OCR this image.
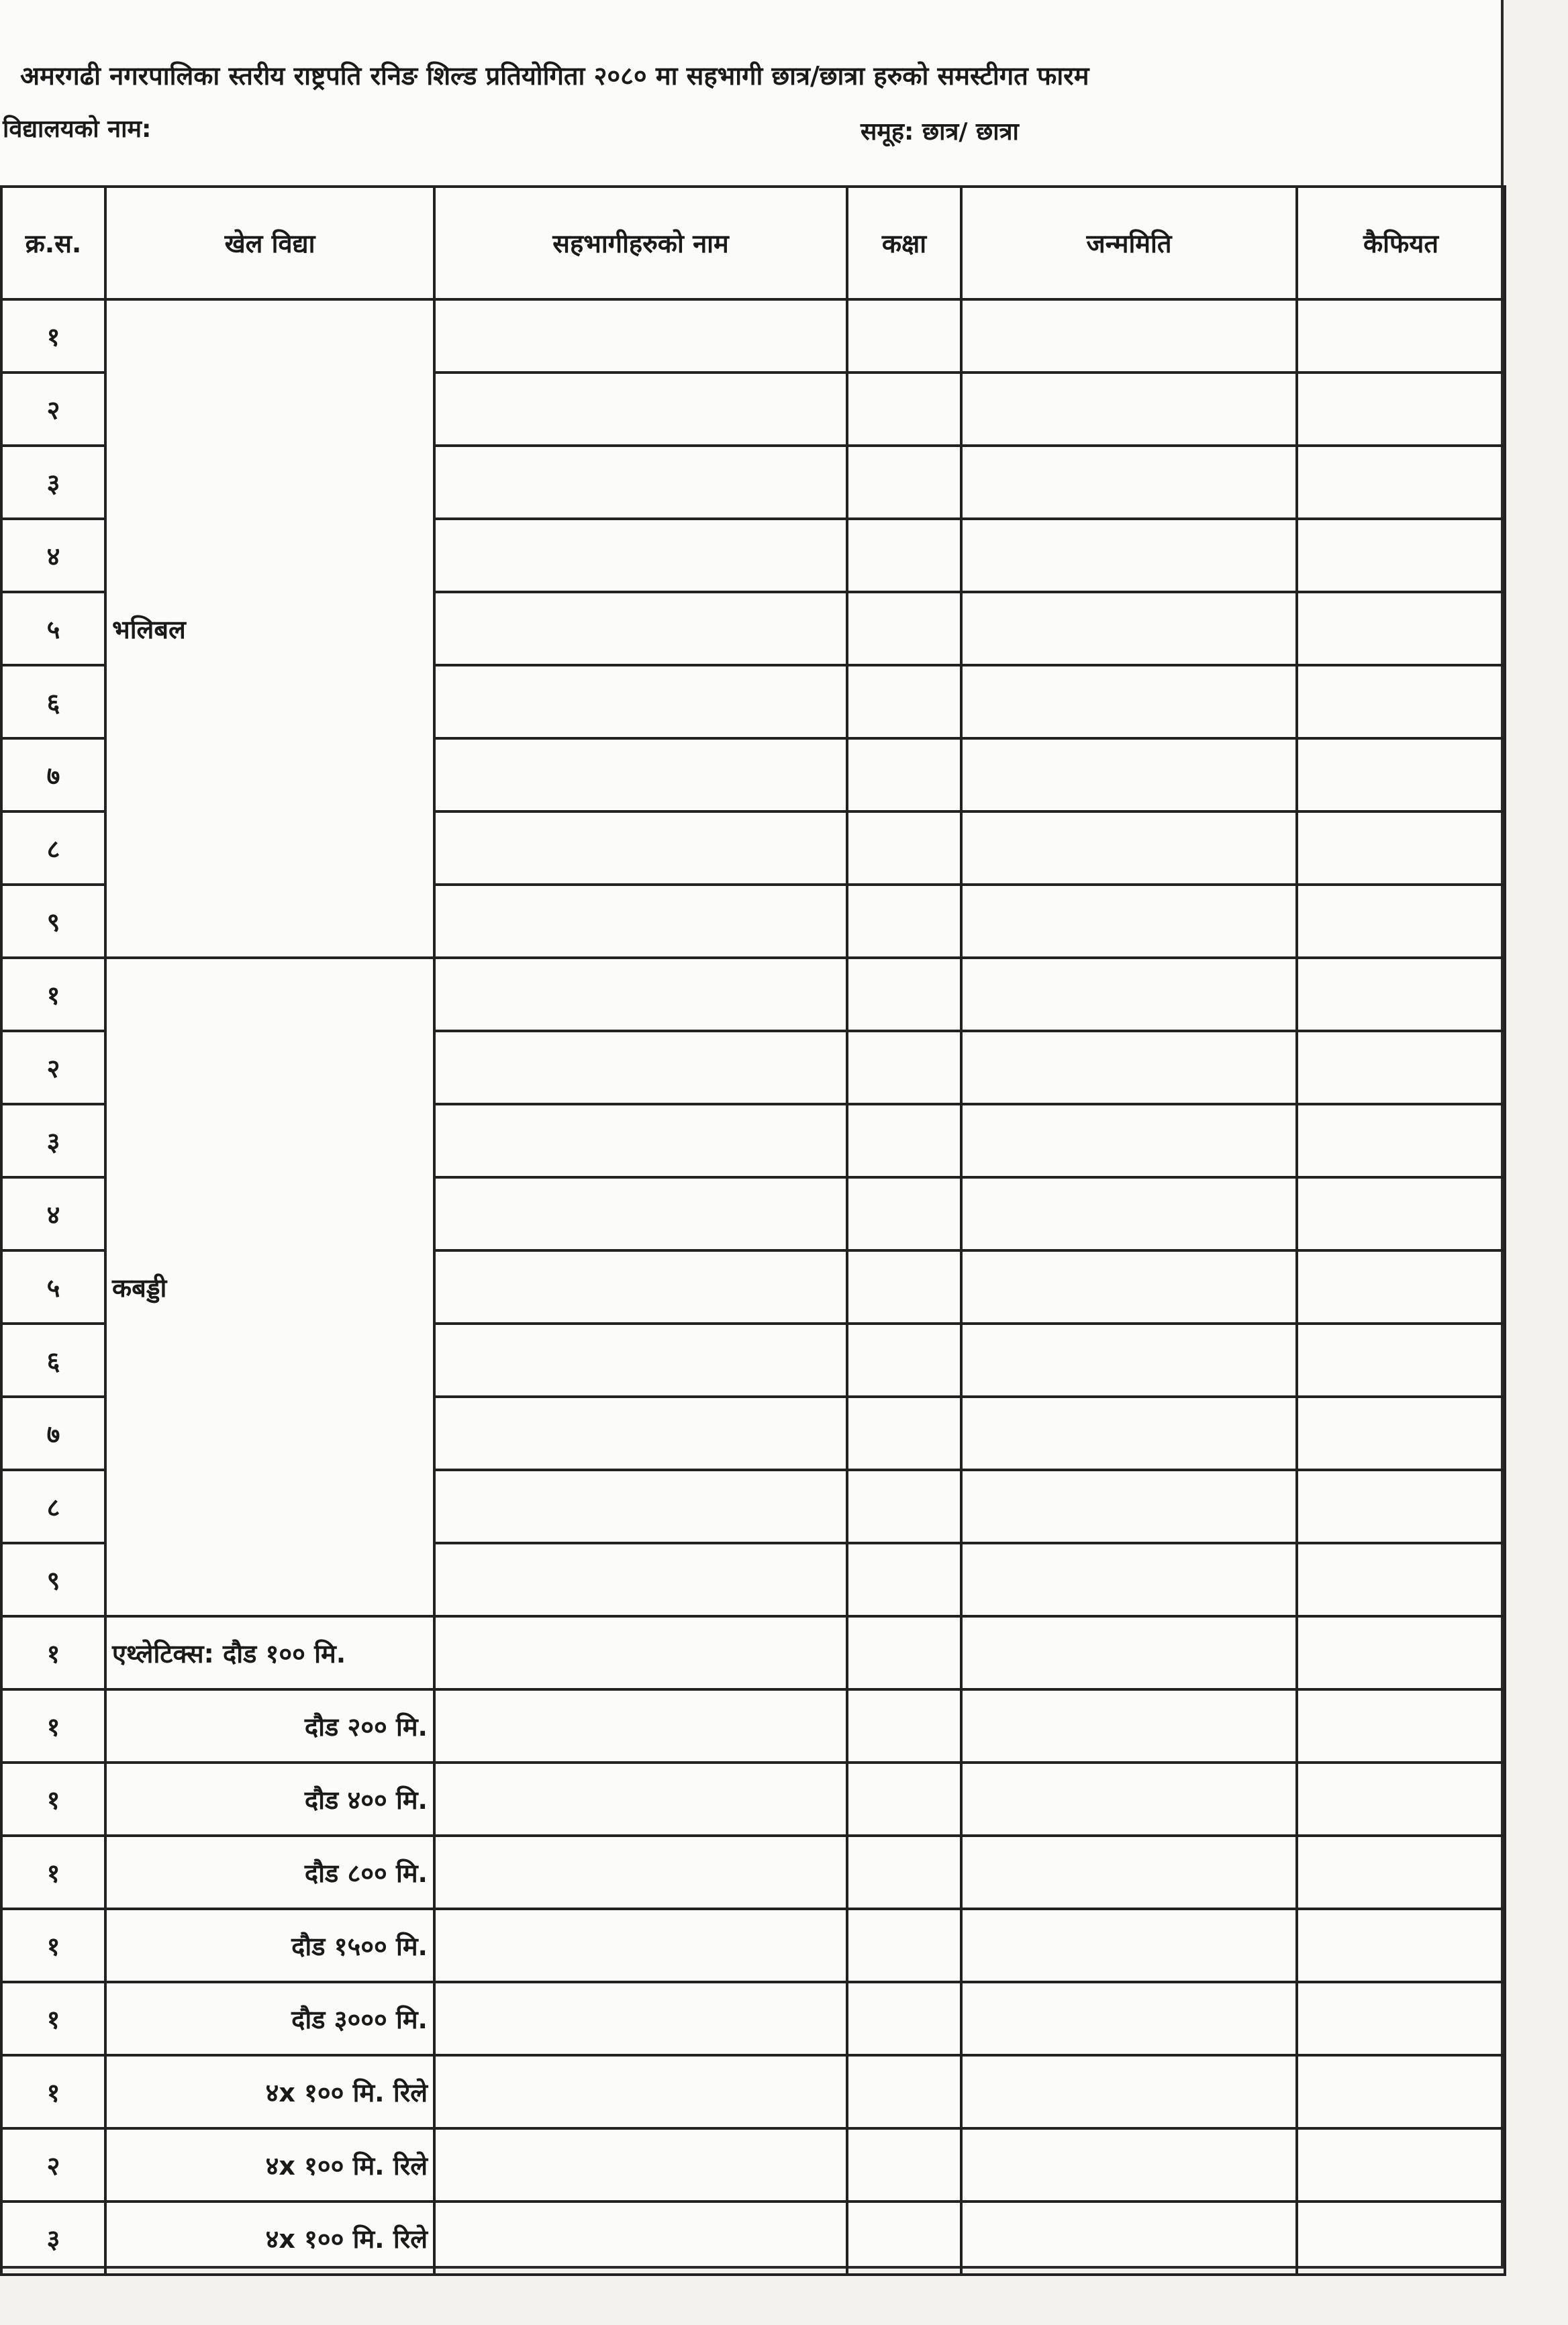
अमरगढी नगरपालिका स्तरीय राष्ट्रपति रनिङ शिल्ड प्रतियोगिता २०८० मा सहभागी छात्र/छात्रा हरुको समस्टीगत फारम
विद्यालयको नाम:	समूह: छात्र/ छात्रा
क्र.स.	खेल विद्या	सहभागीहरुको नाम	कक्षा	जन्ममिति	कैफियत
१	भलिबल				
२					
३					
४					
५					
६					
७					
८					
९					
१	कबड्डी				
२					
३					
४					
५					
६					
७					
८					
९					
१	एथ्लेटिक्स: दौड १०० मि.				
१	दौड २०० मि.				
१	दौड ४०० मि.				
१	दौड ८०० मि.				
१	दौड १५०० मि.				
१	दौड ३००० मि.				
१	४x १०० मि. रिले				
२	४x १०० मि. रिले				
३	४x १०० मि. रिले				
